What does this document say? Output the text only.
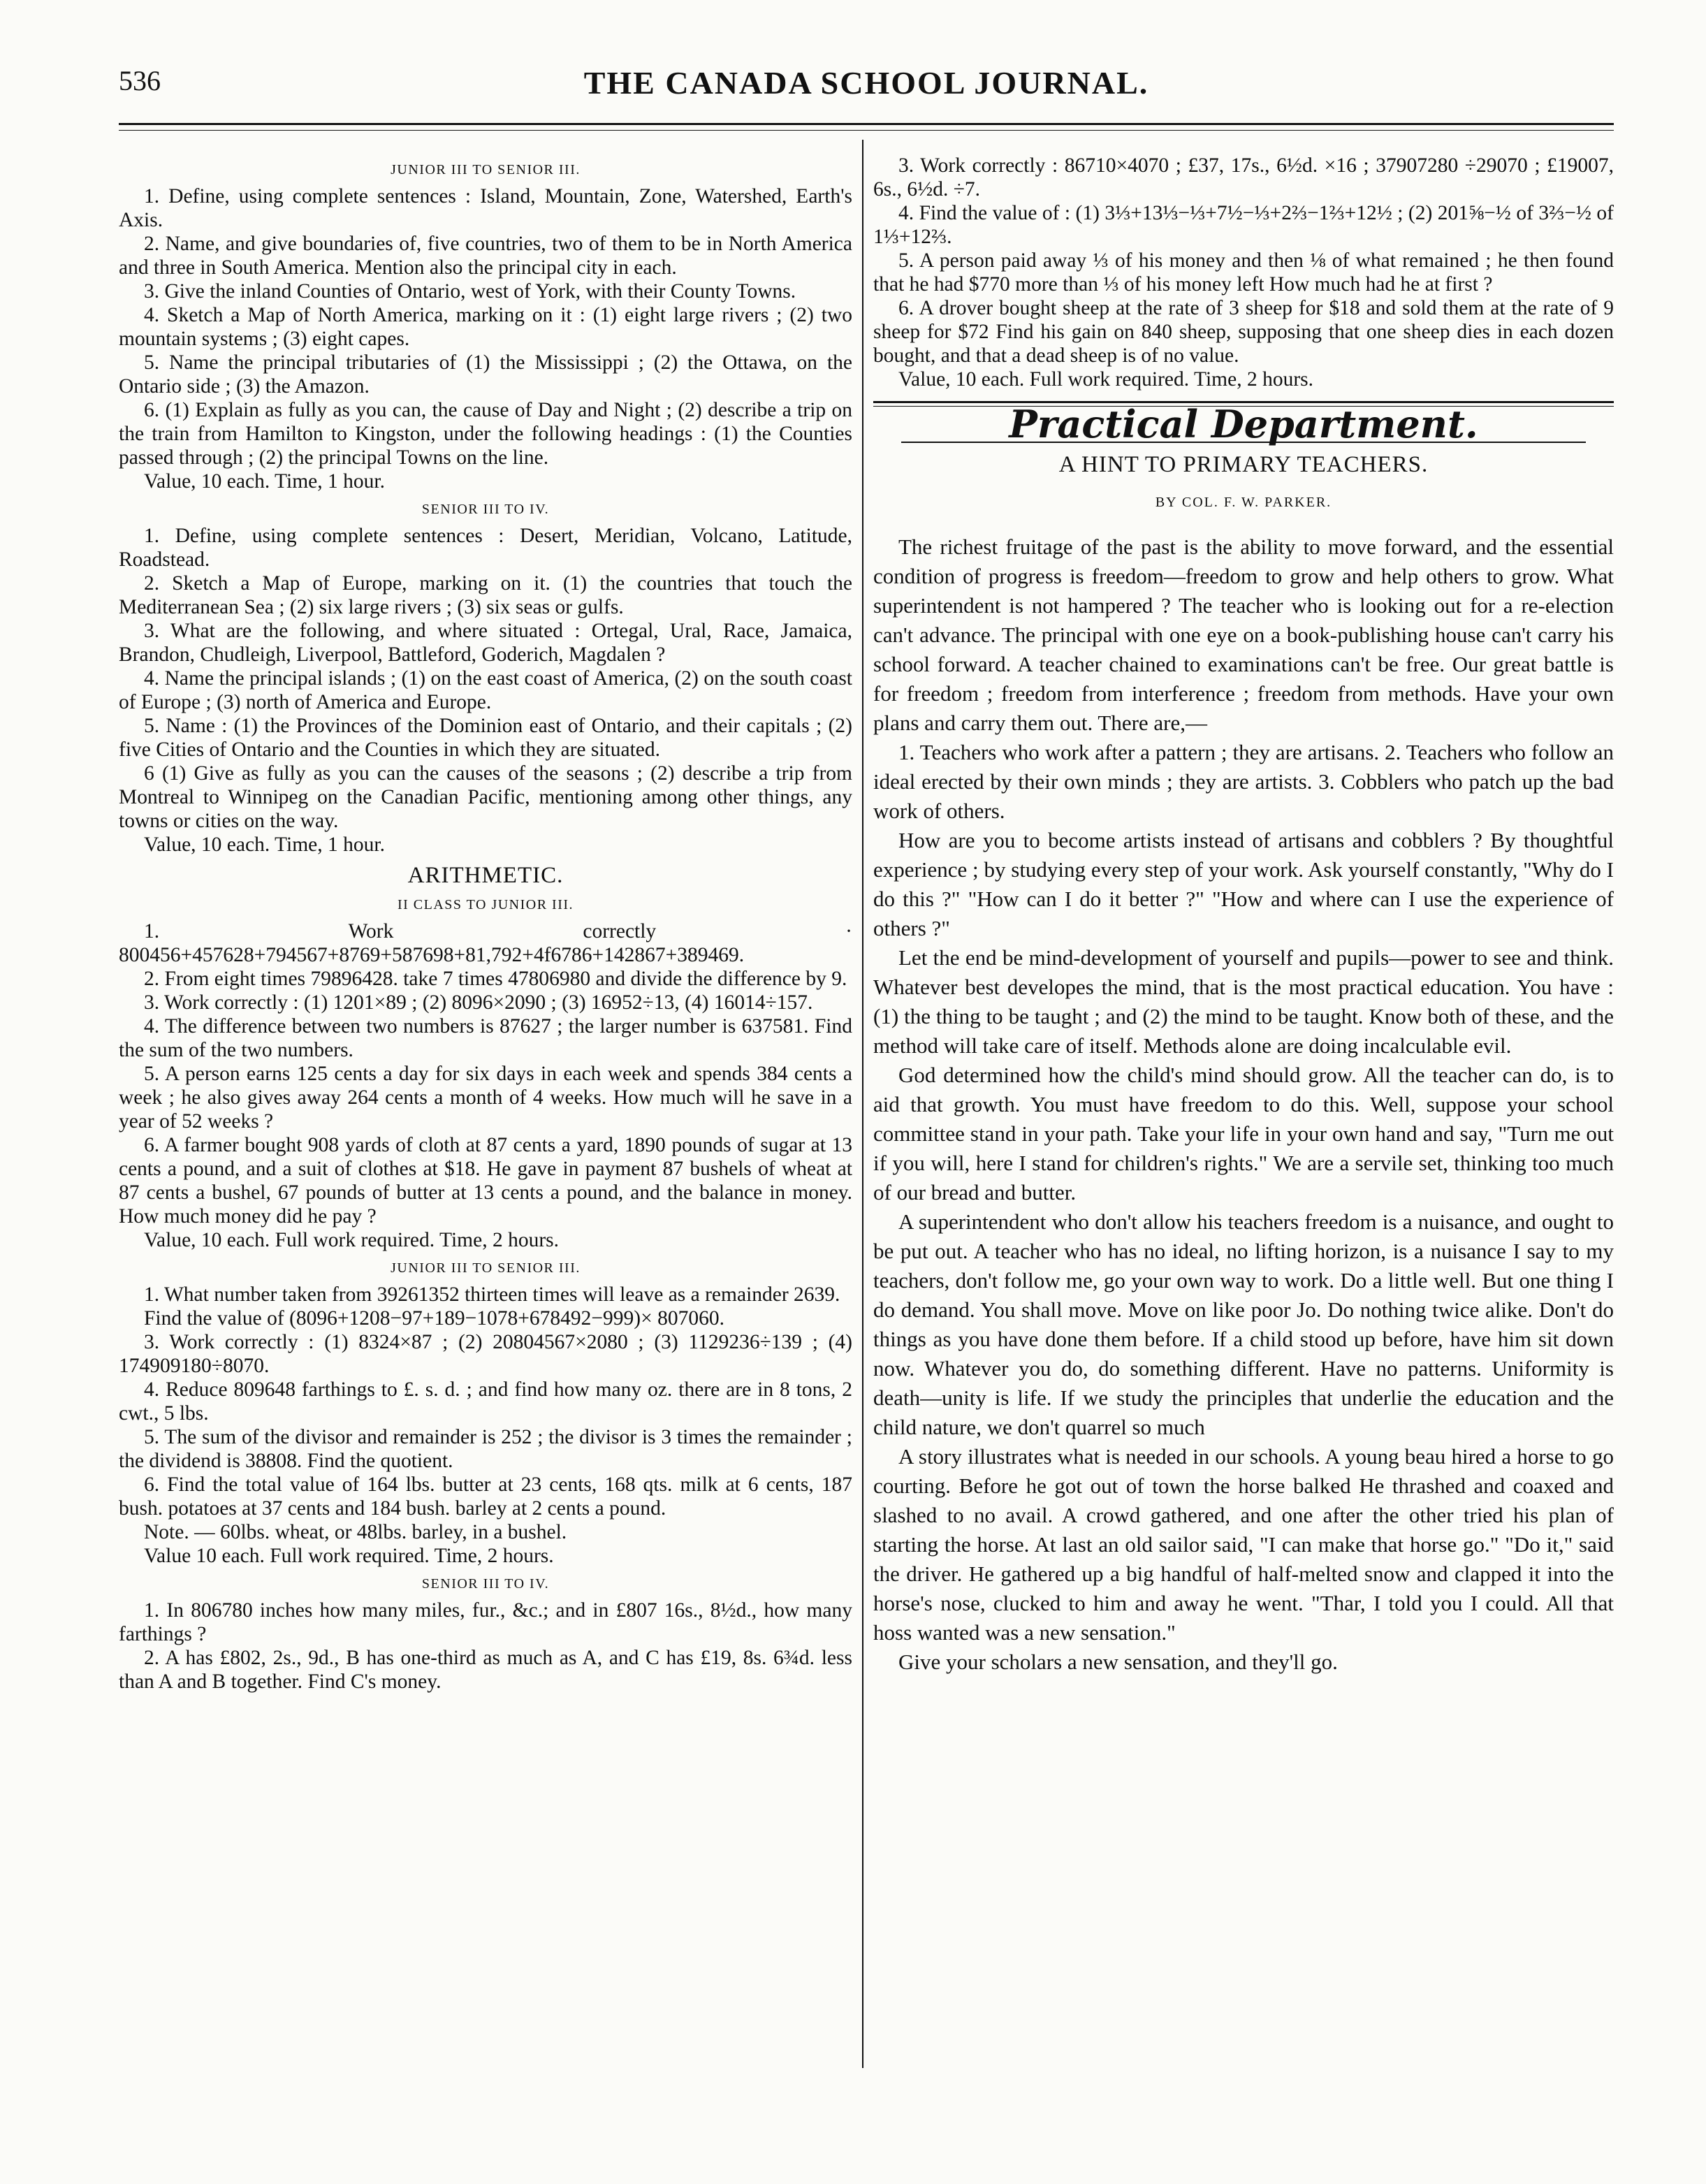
536	THE CANADA SCHOOL JOURNAL.
JUNIOR III TO SENIOR III.

1. Define, using complete sentences : Island, Mountain, Zone, Watershed, Earth's Axis.

2. Name, and give boundaries of, five countries, two of them to be in North America and three in South America. Mention also the principal city in each.

3. Give the inland Counties of Ontario, west of York, with their County Towns.

4. Sketch a Map of North America, marking on it : (1) eight large rivers ; (2) two mountain systems ; (3) eight capes.

5. Name the principal tributaries of (1) the Mississippi ; (2) the Ottawa, on the Ontario side ; (3) the Amazon.

6. (1) Explain as fully as you can, the cause of Day and Night ; (2) describe a trip on the train from Hamilton to Kingston, under the following headings : (1) the Counties passed through ; (2) the principal Towns on the line.

Value, 10 each. Time, 1 hour.

SENIOR III TO IV.

1. Define, using complete sentences : Desert, Meridian, Volcano, Latitude, Roadstead.

2. Sketch a Map of Europe, marking on it. (1) the countries that touch the Mediterranean Sea ; (2) six large rivers ; (3) six seas or gulfs.

3. What are the following, and where situated : Ortegal, Ural, Race, Jamaica, Brandon, Chudleigh, Liverpool, Battleford, Goderich, Magdalen ?

4. Name the principal islands ; (1) on the east coast of America, (2) on the south coast of Europe ; (3) north of America and Europe.

5. Name : (1) the Provinces of the Dominion east of Ontario, and their capitals ; (2) five Cities of Ontario and the Counties in which they are situated.

6 (1) Give as fully as you can the causes of the seasons ; (2) describe a trip from Montreal to Winnipeg on the Canadian Pacific, mentioning among other things, any towns or cities on the way.

Value, 10 each. Time, 1 hour.

ARITHMETIC.
II CLASS TO JUNIOR III.

1. Work correctly · 800456+457628+794567+8769+587698+81,792+4f6786+142867+389469.

2. From eight times 79896428. take 7 times 47806980 and divide the difference by 9.

3. Work correctly : (1) 1201×89 ; (2) 8096×2090 ; (3) 16952÷13, (4) 16014÷157.

4. The difference between two numbers is 87627 ; the larger number is 637581. Find the sum of the two numbers.

5. A person earns 125 cents a day for six days in each week and spends 384 cents a week ; he also gives away 264 cents a month of 4 weeks. How much will he save in a year of 52 weeks ?

6. A farmer bought 908 yards of cloth at 87 cents a yard, 1890 pounds of sugar at 13 cents a pound, and a suit of clothes at $18. He gave in payment 87 bushels of wheat at 87 cents a bushel, 67 pounds of butter at 13 cents a pound, and the balance in money. How much money did he pay ?

Value, 10 each. Full work required. Time, 2 hours.

JUNIOR III TO SENIOR III.

1. What number taken from 39261352 thirteen times will leave as a remainder 2639.

Find the value of (8096+1208−97+189−1078+678492−999)× 807060.

3. Work correctly : (1) 8324×87 ; (2) 20804567×2080 ; (3) 1129236÷139 ; (4) 174909180÷8070.

4. Reduce 809648 farthings to £. s. d. ; and find how many oz. there are in 8 tons, 2 cwt., 5 lbs.

5. The sum of the divisor and remainder is 252 ; the divisor is 3 times the remainder ; the dividend is 38808. Find the quotient.

6. Find the total value of 164 lbs. butter at 23 cents, 168 qts. milk at 6 cents, 187 bush. potatoes at 37 cents and 184 bush. barley at 2 cents a pound.

Note. — 60lbs. wheat, or 48lbs. barley, in a bushel.

Value 10 each. Full work required. Time, 2 hours.

SENIOR III TO IV.

1. In 806780 inches how many miles, fur., &c.; and in £807 16s., 8½d., how many farthings ?

2. A has £802, 2s., 9d., B has one-third as much as A, and C has £19, 8s. 6¾d. less than A and B together. Find C's money.

3. Work correctly : 86710×4070 ; £37, 17s., 6½d. ×16 ; 37907280 ÷29070 ; £19007, 6s., 6½d. ÷7.

4. Find the value of : (1) 3⅓+13⅓−⅓+7½−⅓+2⅔−1⅔+12½ ; (2) 201⅝−½ of 3⅔−½ of 1⅓+12⅔.

5. A person paid away ⅓ of his money and then ⅛ of what remained ; he then found that he had $770 more than ⅓ of his money left How much had he at first ?

6. A drover bought sheep at the rate of 3 sheep for $18 and sold them at the rate of 9 sheep for $72 Find his gain on 840 sheep, supposing that one sheep dies in each dozen bought, and that a dead sheep is of no value.

Value, 10 each. Full work required. Time, 2 hours.

Practical Department.
A HINT TO PRIMARY TEACHERS.
BY COL. F. W. PARKER.

The richest fruitage of the past is the ability to move forward, and the essential condition of progress is freedom—freedom to grow and help others to grow. What superintendent is not hampered ? The teacher who is looking out for a re-election can't advance. The principal with one eye on a book-publishing house can't carry his school forward. A teacher chained to examinations can't be free. Our great battle is for freedom ; freedom from interference ; freedom from methods. Have your own plans and carry them out. There are,—

1. Teachers who work after a pattern ; they are artisans. 2. Teachers who follow an ideal erected by their own minds ; they are artists. 3. Cobblers who patch up the bad work of others.

How are you to become artists instead of artisans and cobblers ? By thoughtful experience ; by studying every step of your work. Ask yourself constantly, "Why do I do this ?" "How can I do it better ?" "How and where can I use the experience of others ?"

Let the end be mind-development of yourself and pupils—power to see and think. Whatever best developes the mind, that is the most practical education. You have : (1) the thing to be taught ; and (2) the mind to be taught. Know both of these, and the method will take care of itself. Methods alone are doing incalculable evil.

God determined how the child's mind should grow. All the teacher can do, is to aid that growth. You must have freedom to do this. Well, suppose your school committee stand in your path. Take your life in your own hand and say, "Turn me out if you will, here I stand for children's rights." We are a servile set, thinking too much of our bread and butter.

A superintendent who don't allow his teachers freedom is a nuisance, and ought to be put out. A teacher who has no ideal, no lifting horizon, is a nuisance I say to my teachers, don't follow me, go your own way to work. Do a little well. But one thing I do demand. You shall move. Move on like poor Jo. Do nothing twice alike. Don't do things as you have done them before. If a child stood up before, have him sit down now. Whatever you do, do something different. Have no patterns. Uniformity is death—unity is life. If we study the principles that underlie the education and the child nature, we don't quarrel so much

A story illustrates what is needed in our schools. A young beau hired a horse to go courting. Before he got out of town the horse balked He thrashed and coaxed and slashed to no avail. A crowd gathered, and one after the other tried his plan of starting the horse. At last an old sailor said, "I can make that horse go." "Do it," said the driver. He gathered up a big handful of half-melted snow and clapped it into the horse's nose, clucked to him and away he went. "Thar, I told you I could. All that hoss wanted was a new sensation."

Give your scholars a new sensation, and they'll go.
